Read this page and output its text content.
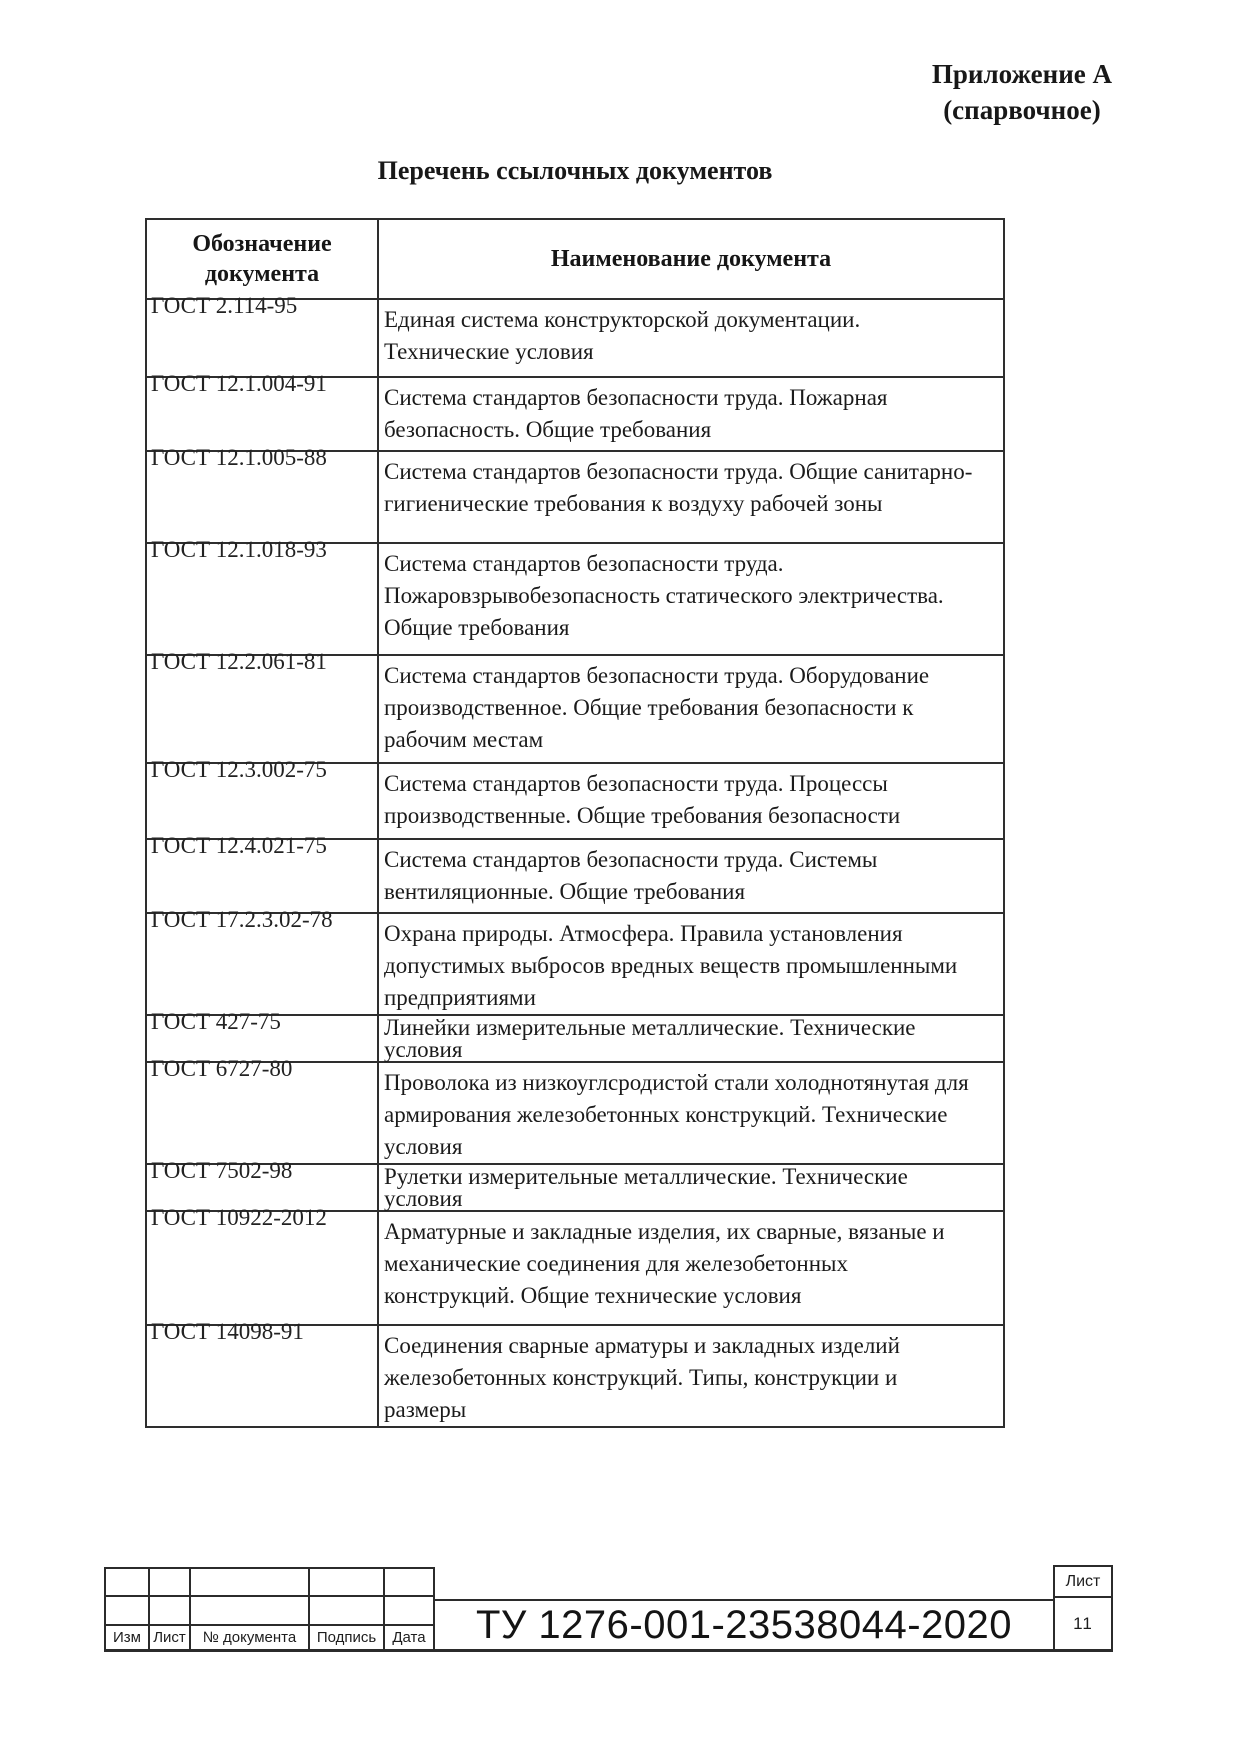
Приложение А
(спарвочное)
Перечень ссылочных документов
Обозначение документа	Наименование документа
ГОСТ 2.114-95	Единая система конструкторской документации. Технические условия

ГОСТ 12.1.004-91	Система стандартов безопасности труда. Пожарная безопасность. Общие требования

ГОСТ 12.1.005-88	Система стандартов безопасности труда. Общие санитарно- гигиенические требования к воздуху рабочей зоны

ГОСТ 12.1.018-93	Система стандартов безопасности труда. Пожаровзрывобезопасность статического электричества. Общие требования

ГОСТ 12.2.061-81	Система стандартов безопасности труда. Оборудование производственное. Общие требования безопасности к рабочим местам

ГОСТ 12.3.002-75	Система стандартов безопасности труда. Процессы производственные. Общие требования безопасности

ГОСТ 12.4.021-75	Система стандартов безопасности труда. Системы вентиляционные. Общие требования

ГОСТ 17.2.3.02-78	Охрана природы. Атмосфера. Правила установления допустимых выбросов вредных веществ промышленными предприятиями

ГОСТ 427-75	Линейки измерительные металлические. Технические условия

ГОСТ 6727-80	Проволока из низкоуглсродистой стали холоднотянутая для армирования железобетонных конструкций. Технические условия

ГОСТ 7502-98	Рулетки измерительные металлические. Технические условия

ГОСТ 10922-2012	Арматурные и закладные изделия, их сварные, вязаные и механические соединения для железобетонных конструкций. Общие технические условия

ГОСТ 14098-91	Соединения сварные арматуры и закладных изделий железобетонных конструкций. Типы, конструкции и размеры
Изм Лист	№ документа	Подпись	Дата	ТУ 1276-001-23538044-2020
Лист
11
